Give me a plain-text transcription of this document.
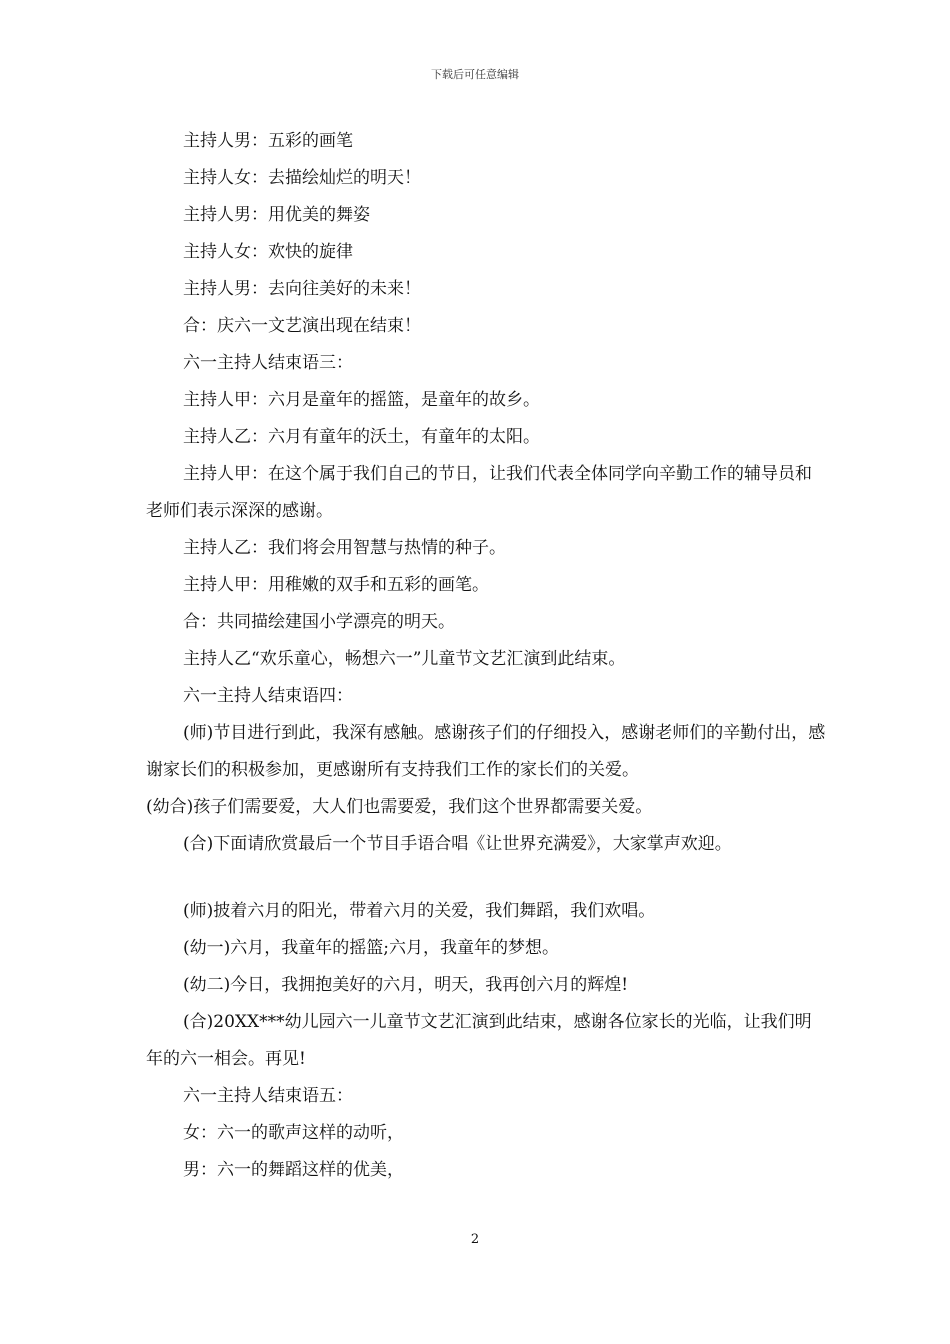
下载后可任意编辑

主持人男：五彩的画笔

主持人女：去描绘灿烂的明天！

主持人男：用优美的舞姿

主持人女：欢快的旋律

主持人男：去向往美好的未来！

合：庆六一文艺演出现在结束！

六一主持人结束语三：

主持人甲：六月是童年的摇篮，是童年的故乡。

主持人乙：六月有童年的沃土，有童年的太阳。

主持人甲：在这个属于我们自己的节日，让我们代表全体同学向辛勤工作的辅导员和老师们表示深深的感谢。

主持人乙：我们将会用智慧与热情的种子。

主持人甲：用稚嫩的双手和五彩的画笔。

合：共同描绘建国小学漂亮的明天。

主持人乙“欢乐童心，畅想六一”儿童节文艺汇演到此结束。

六一主持人结束语四：

(师)节目进行到此，我深有感触。感谢孩子们的仔细投入，感谢老师们的辛勤付出，感谢家长们的积极参加，更感谢所有支持我们工作的家长们的关爱。

(幼合)孩子们需要爱，大人们也需要爱，我们这个世界都需要关爱。

(合)下面请欣赏最后一个节目手语合唱《让世界充满爱》，大家掌声欢迎。

(师)披着六月的阳光，带着六月的关爱，我们舞蹈，我们欢唱。

(幼一)六月，我童年的摇篮;六月，我童年的梦想。

(幼二)今日，我拥抱美好的六月，明天，我再创六月的辉煌!

(合)20XX***幼儿园六一儿童节文艺汇演到此结束，感谢各位家长的光临，让我们明年的六一相会。再见!

六一主持人结束语五：

女：六一的歌声这样的动听，

男：六一的舞蹈这样的优美，

2
